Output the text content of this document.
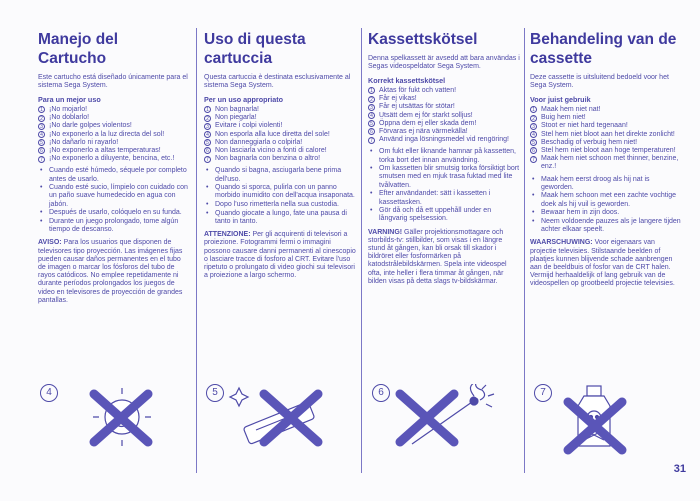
Manejo del Cartucho

Este cartucho está diseñado únicamente para el sistema Sega System.

Para un mejor uso
1 ¡No mojarlo!
2 ¡No doblarlo!
3 ¡No darle golpes violentos!
4 ¡No exponerlo a la luz directa del sol!
5 ¡No dañarlo ni rayarlo!
6 ¡No exponerlo a altas temperaturas!
7 ¡No exponerlo a diluyente, bencina, etc.!
• Cuando esté húmedo, séquele por completo antes de usarlo.
• Cuando esté sucio, límpielo con cuidado con un paño suave humedecido en agua con jabón.
• Después de usarlo, colóquelo en su funda.
• Durante un juego prolongado, tome algún tiempo de descanso.

AVISO: Para los usuarios que disponen de televisores tipo proyección. Las imágenes fijas pueden causar daños permanentes en el tubo de imagen o marcar los fósforos del tubo de rayos catódicos. No emplee repetidamente ni durante períodos prolongados los juegos de video en televisores de proyección de grandes pantallas.

Uso di questa cartuccia

Questa cartuccia è destinata esclusivamente al sistema Sega System.

Per un uso appropriato
1 Non bagnarla!
2 Non piegarla!
3 Evitare i colpi violenti!
4 Non esporla alla luce diretta del sole!
5 Non danneggiarla o colpirla!
6 Non lasciarla vicino a fonti di calore!
7 Non bagnarla con benzina o altro!
• Quando si bagna, asciugarla bene prima dell'uso.
• Quando si sporca, pulirla con un panno morbido inumidito con dell'acqua insaponata.
• Dopo l'uso rimetterla nella sua custodia.
• Quando giocate a lungo, fate una pausa di tanto in tanto.

ATTENZIONE: Per gli acquirenti di televisori a proiezione. Fotogrammi fermi o immagini possono causare danni permanenti al cinescopio o lasciare tracce di fosforo al CRT. Evitare l'uso ripetuto o prolungato di video giochi sui televisori a proiezione a largo schermo.

Kassettskötsel

Denna spelkassett är avsedd att bara användas i Segas videospeldator Sega System.

Korrekt kassettskötsel
1 Aktas för fukt och vatten!
2 Får ej vikas!
3 Får ej utsättas för stötar!
4 Utsätt dem ej för starkt solljus!
5 Öppna dem ej eller skada dem!
6 Förvaras ej nära värmekälla!
7 Använd inga lösningsmedel vid rengöring!
• Om fukt eller liknande hamnar på kassetten, torka bort det innan användning.
• Om kassetten blir smutsig torka försiktigt bort smutsen med en mjuk trasa fuktad med lite tvålvatten.
• Efter användandet: sätt i kassetten i kassettasken.
• Gör då och då ett uppehåll under en långvarig spelsession.

VARNING! Gäller projektionsmottagare och storbilds-tv: stillbilder, som visas i en längre stund åt gången, kan bli orsak till skador i bildröret eller fosformärken på katodstrålebildskärmen. Spela inte videospel ofta, inte heller i flera timmar åt gången, när bilden visas på detta slags tv-bildskärmar.

Behandeling van de cassette

Deze cassette is uitsluitend bedoeld voor het Sega System.

Voor juist gebruik
1 Maak hem niet nat!
2 Buig hem niet!
3 Stoot er niet hard tegenaan!
4 Stel hem niet bloot aan het direkte zonlicht!
5 Beschadig of verbuig hem niet!
6 Stel hem niet bloot aan hoge temperaturen!
7 Maak hem niet schoon met thinner, benzine, enz.!
• Maak hem eerst droog als hij nat is geworden.
• Maak hem schoon met een zachte vochtige doek als hij vuil is geworden.
• Bewaar hem in zijn doos.
• Neem voldoende pauzes als je langere tijden achter elkaar speelt.

WAARSCHUWING: Voor eigenaars van projectie televisies. Stilstaande beelden of plaatjes kunnen blijvende schade aanbrengen aan de beeldbuis of fosfor van de CRT halen. Vermijd herhaaldelijk of lang gebruik van de videospellen op grootbeeld projectie televisies.

4	5	6	7
31
